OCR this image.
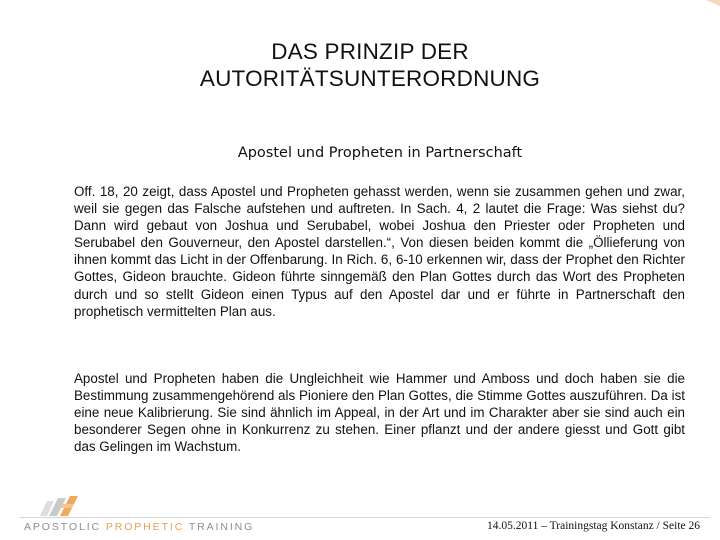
DAS PRINZIP DER
AUTORITÄTSUNTERORDNUNG
Apostel und Propheten in Partnerschaft

Off. 18, 20 zeigt, dass Apostel und Propheten gehasst werden, wenn sie zusammen gehen und zwar, weil sie gegen das Falsche aufstehen und auftreten. In Sach. 4, 2 lautet die Frage: Was siehst du? Dann wird gebaut von Joshua und Serubabel, wobei Joshua den Priester oder Propheten und Serubabel den Gouverneur, den Apostel darstellen.“, Von diesen beiden kommt die „Öllieferung von ihnen kommt das Licht in der Offenbarung. In Rich. 6, 6-10 erkennen wir, dass der Prophet den Richter Gottes, Gideon brauchte. Gideon führte sinngemäß den Plan Gottes durch das Wort des Propheten durch und so stellt Gideon einen Typus auf den Apostel dar und er führte in Partnerschaft den prophetisch vermittelten Plan aus.

Apostel und Propheten haben die Ungleichheit wie Hammer und Amboss und doch haben sie die Bestimmung zusammengehörend als Pioniere den Plan Gottes, die Stimme Gottes auszuführen. Da ist eine neue Kalibrierung. Sie sind ähnlich im Appeal, in der Art und im Charakter aber sie sind auch ein besonderer Segen ohne in Konkurrenz zu stehen. Einer pflanzt und der andere giesst und Gott gibt das Gelingen im Wachstum.

APOSTOLIC PROPHETIC TRAINING	14.05.2011 – Trainingstag Konstanz / Seite 26
